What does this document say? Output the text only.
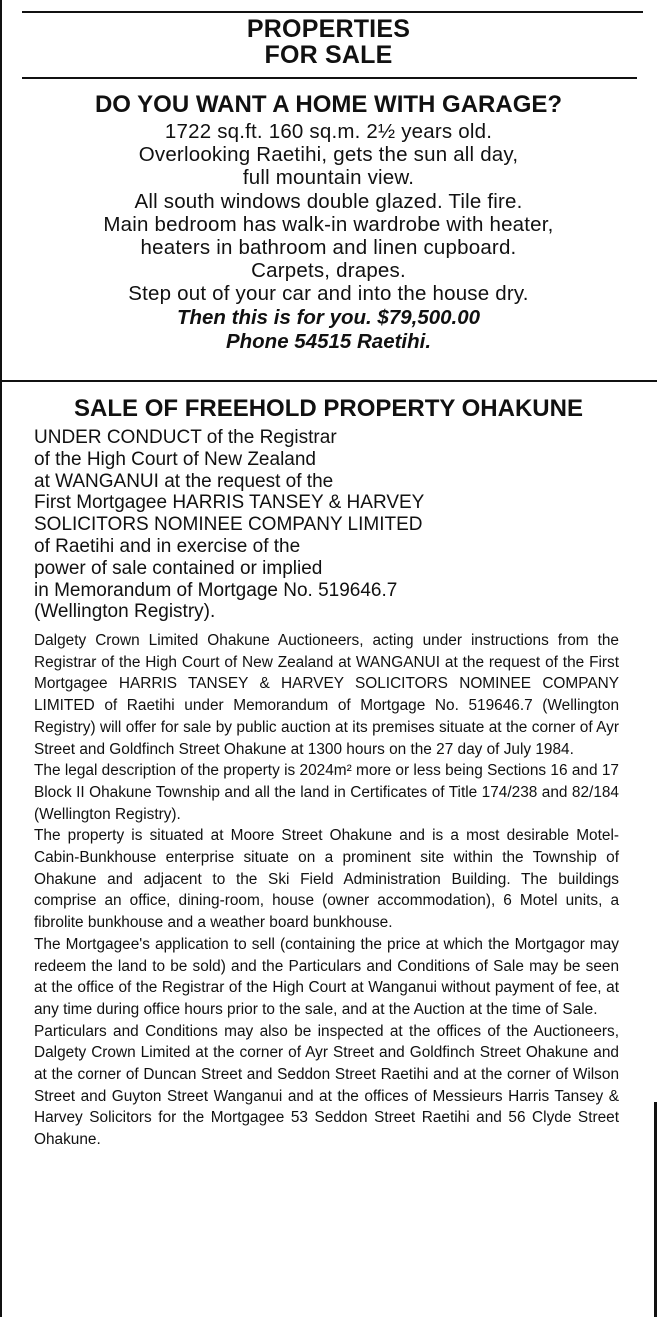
PROPERTIES
FOR SALE
DO YOU WANT A HOME WITH GARAGE?
1722 sq.ft. 160 sq.m. 2½ years old.
Overlooking Raetihi, gets the sun all day,
full mountain view.
All south windows double glazed. Tile fire.
Main bedroom has walk-in wardrobe with heater,
heaters in bathroom and linen cupboard.
Carpets, drapes.
Step out of your car and into the house dry.
Then this is for you. $79,500.00
Phone 54515 Raetihi.
SALE OF FREEHOLD PROPERTY OHAKUNE
UNDER CONDUCT of the Registrar
of the High Court of New Zealand
at WANGANUI at the request of the
First Mortgagee HARRIS TANSEY & HARVEY
SOLICITORS NOMINEE COMPANY LIMITED
of Raetihi and in exercise of the
power of sale contained or implied
in Memorandum of Mortgage No. 519646.7
(Wellington Registry).

Dalgety Crown Limited Ohakune Auctioneers, acting under instructions from the Registrar of the High Court of New Zealand at WANGANUI at the request of the First Mortgagee HARRIS TANSEY & HARVEY SOLICITORS NOMINEE COMPANY LIMITED of Raetihi under Memorandum of Mortgage No. 519646.7 (Wellington Registry) will offer for sale by public auction at its premises situate at the corner of Ayr Street and Goldfinch Street Ohakune at 1300 hours on the 27 day of July 1984.

The legal description of the property is 2024m² more or less being Sections 16 and 17 Block II Ohakune Township and all the land in Certificates of Title 174/238 and 82/184 (Wellington Registry).

The property is situated at Moore Street Ohakune and is a most desirable Motel-Cabin-Bunkhouse enterprise situate on a prominent site within the Township of Ohakune and adjacent to the Ski Field Administration Building. The buildings comprise an office, dining-room, house (owner accommodation), 6 Motel units, a fibrolite bunkhouse and a weather board bunkhouse.

The Mortgagee's application to sell (containing the price at which the Mortgagor may redeem the land to be sold) and the Particulars and Conditions of Sale may be seen at the office of the Registrar of the High Court at Wanganui without payment of fee, at any time during office hours prior to the sale, and at the Auction at the time of Sale.

Particulars and Conditions may also be inspected at the offices of the Auctioneers, Dalgety Crown Limited at the corner of Ayr Street and Goldfinch Street Ohakune and at the corner of Duncan Street and Seddon Street Raetihi and at the corner of Wilson Street and Guyton Street Wanganui and at the offices of Messieurs Harris Tansey & Harvey Solicitors for the Mortgagee 53 Seddon Street Raetihi and 56 Clyde Street Ohakune.
